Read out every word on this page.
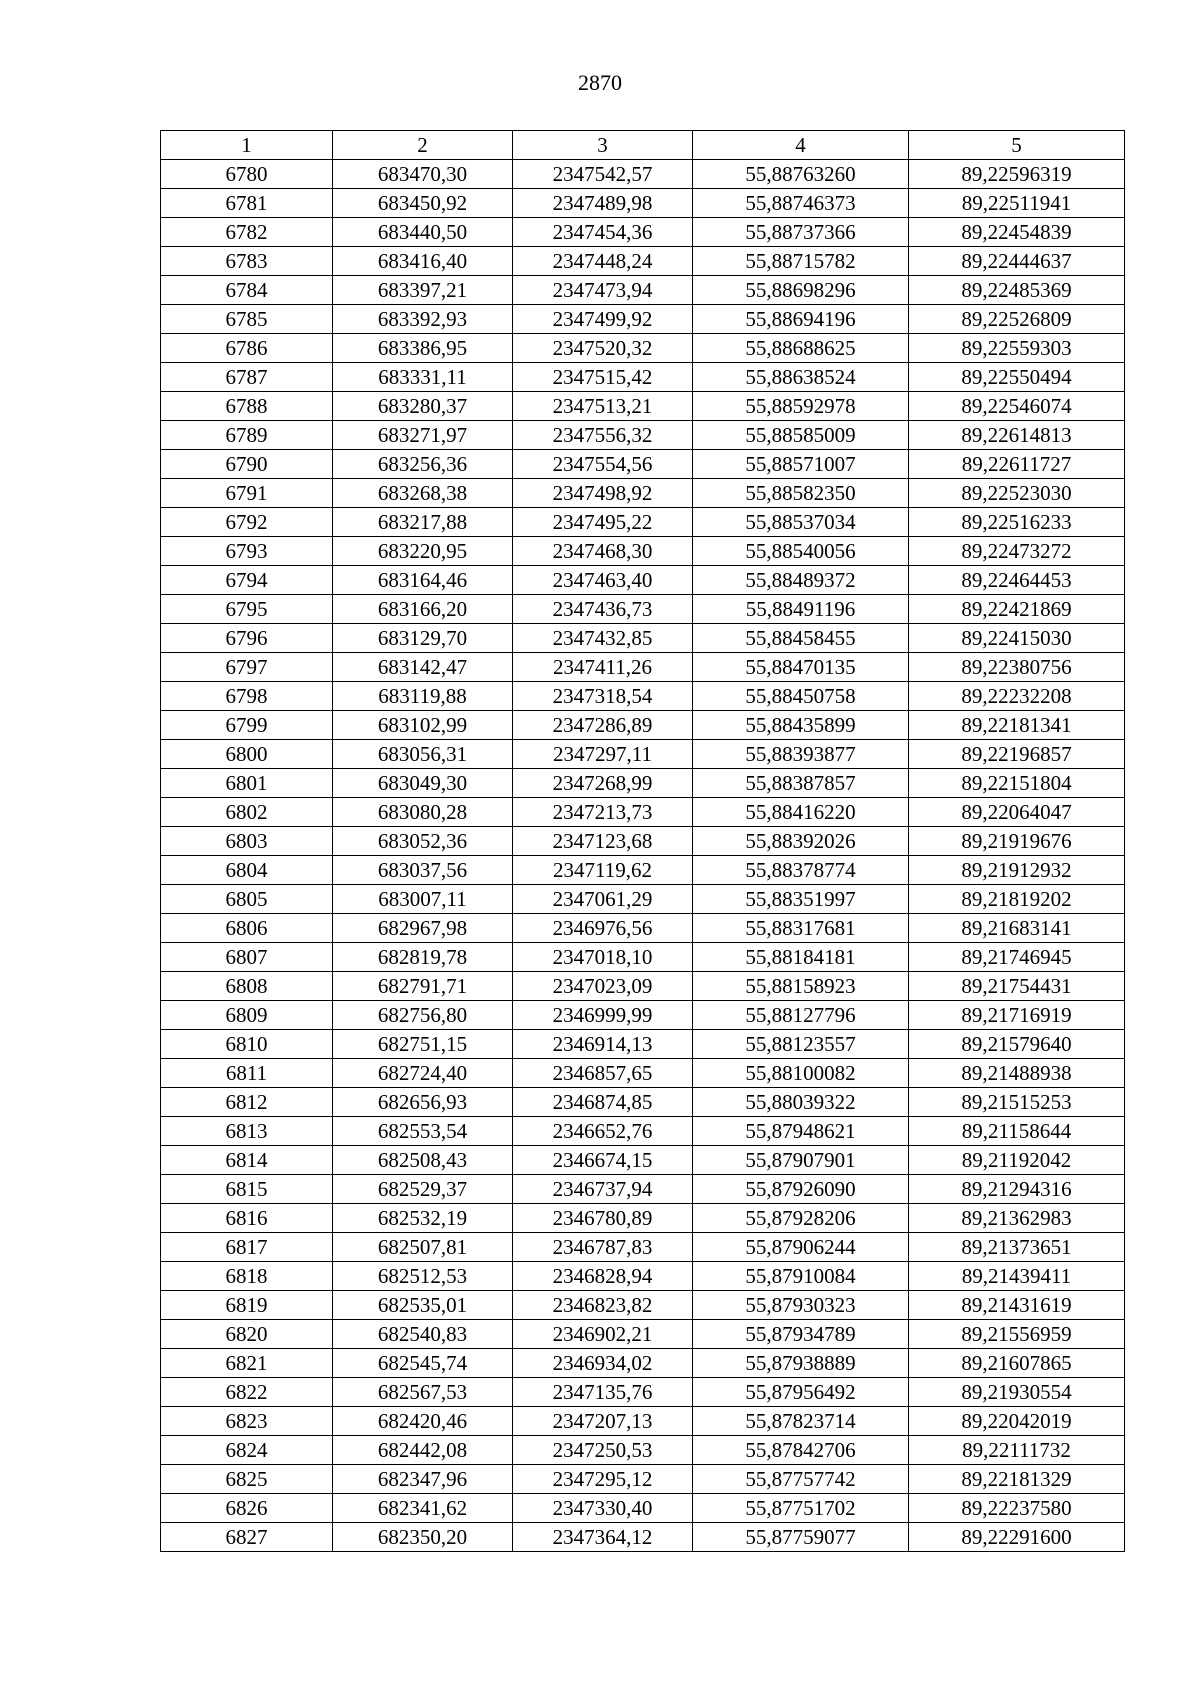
2870
1	2	3	4	5
6780	683470,30	2347542,57	55,88763260	89,22596319
6781	683450,92	2347489,98	55,88746373	89,22511941
6782	683440,50	2347454,36	55,88737366	89,22454839
6783	683416,40	2347448,24	55,88715782	89,22444637
6784	683397,21	2347473,94	55,88698296	89,22485369
6785	683392,93	2347499,92	55,88694196	89,22526809
6786	683386,95	2347520,32	55,88688625	89,22559303
6787	683331,11	2347515,42	55,88638524	89,22550494
6788	683280,37	2347513,21	55,88592978	89,22546074
6789	683271,97	2347556,32	55,88585009	89,22614813
6790	683256,36	2347554,56	55,88571007	89,22611727
6791	683268,38	2347498,92	55,88582350	89,22523030
6792	683217,88	2347495,22	55,88537034	89,22516233
6793	683220,95	2347468,30	55,88540056	89,22473272
6794	683164,46	2347463,40	55,88489372	89,22464453
6795	683166,20	2347436,73	55,88491196	89,22421869
6796	683129,70	2347432,85	55,88458455	89,22415030
6797	683142,47	2347411,26	55,88470135	89,22380756
6798	683119,88	2347318,54	55,88450758	89,22232208
6799	683102,99	2347286,89	55,88435899	89,22181341
6800	683056,31	2347297,11	55,88393877	89,22196857
6801	683049,30	2347268,99	55,88387857	89,22151804
6802	683080,28	2347213,73	55,88416220	89,22064047
6803	683052,36	2347123,68	55,88392026	89,21919676
6804	683037,56	2347119,62	55,88378774	89,21912932
6805	683007,11	2347061,29	55,88351997	89,21819202
6806	682967,98	2346976,56	55,88317681	89,21683141
6807	682819,78	2347018,10	55,88184181	89,21746945
6808	682791,71	2347023,09	55,88158923	89,21754431
6809	682756,80	2346999,99	55,88127796	89,21716919
6810	682751,15	2346914,13	55,88123557	89,21579640
6811	682724,40	2346857,65	55,88100082	89,21488938
6812	682656,93	2346874,85	55,88039322	89,21515253
6813	682553,54	2346652,76	55,87948621	89,21158644
6814	682508,43	2346674,15	55,87907901	89,21192042
6815	682529,37	2346737,94	55,87926090	89,21294316
6816	682532,19	2346780,89	55,87928206	89,21362983
6817	682507,81	2346787,83	55,87906244	89,21373651
6818	682512,53	2346828,94	55,87910084	89,21439411
6819	682535,01	2346823,82	55,87930323	89,21431619
6820	682540,83	2346902,21	55,87934789	89,21556959
6821	682545,74	2346934,02	55,87938889	89,21607865
6822	682567,53	2347135,76	55,87956492	89,21930554
6823	682420,46	2347207,13	55,87823714	89,22042019
6824	682442,08	2347250,53	55,87842706	89,22111732
6825	682347,96	2347295,12	55,87757742	89,22181329
6826	682341,62	2347330,40	55,87751702	89,22237580
6827	682350,20	2347364,12	55,87759077	89,22291600
